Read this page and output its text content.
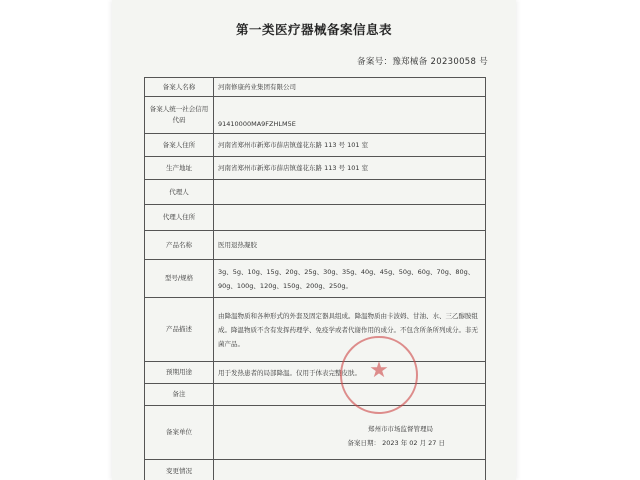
第一类医疗器械备案信息表
备案号：豫郑械备 20230058 号
备案人名称	河南修康药业集团有限公司
备案人统一社会信用代码	91410000MA9FZHLM5E
备案人住所	河南省郑州市新郑市薛店镇莲花东路 113 号 101 室
生产地址	河南省郑州市新郑市薛店镇莲花东路 113 号 101 室
代理人	
代理人住所	
产品名称	医用退热凝胶
型号/规格	3g、5g、10g、15g、20g、25g、30g、35g、40g、45g、50g、60g、70g、80g、90g、100g、120g、150g、200g、250g。
产品描述	由降温物质和各种形式的外套及固定器具组成。降温物质由卡波姆、甘油、水、三乙醇胺组成。降温物质不含有发挥药理学、免疫学或者代谢作用的成分。不包含所条所列成分。非无菌产品。
预期用途	用于发热患者的局部降温。仅用于体表完整皮肤。
备注	
备案单位	郑州市市场监督管理局
备案日期： 2023 年 02 月 27 日

变更情况	
★
